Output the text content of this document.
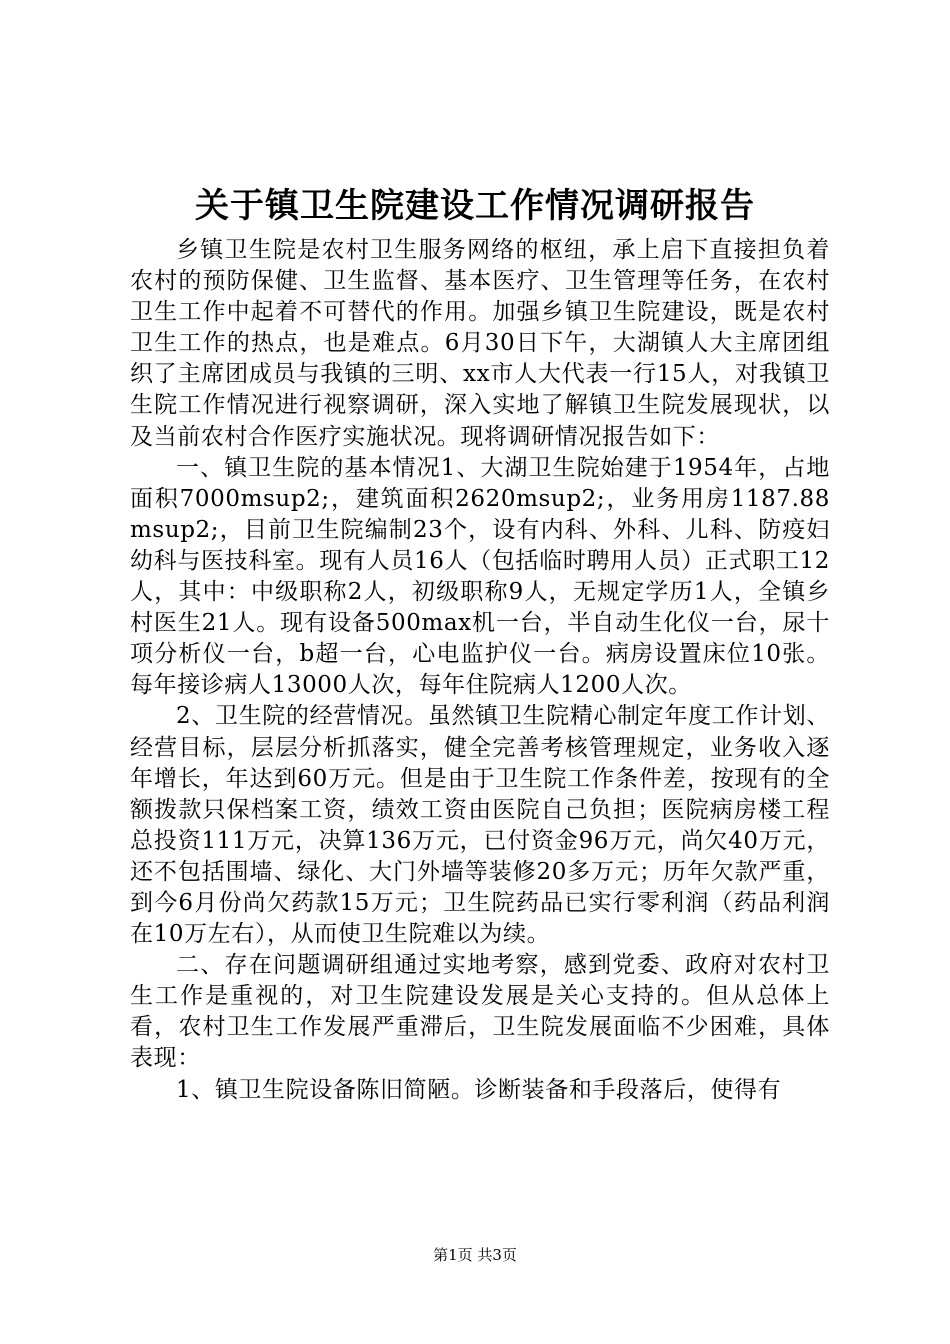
关于镇卫生院建设工作情况调研报告

乡镇卫生院是农村卫生服务网络的枢纽，承上启下直接担负着农村的预防保健、卫生监督、基本医疗、卫生管理等任务，在农村卫生工作中起着不可替代的作用。加强乡镇卫生院建设，既是农村卫生工作的热点，也是难点。6月30日下午，大湖镇人大主席团组织了主席团成员与我镇的三明、xx市人大代表一行15人，对我镇卫生院工作情况进行视察调研，深入实地了解镇卫生院发展现状，以及当前农村合作医疗实施状况。现将调研情况报告如下：

一、镇卫生院的基本情况1、大湖卫生院始建于1954年，占地面积7000msup2;，建筑面积2620msup2;，业务用房1187.88msup2;，目前卫生院编制23个，设有内科、外科、儿科、防疫妇幼科与医技科室。现有人员16人（包括临时聘用人员）正式职工12人，其中：中级职称2人，初级职称9人，无规定学历1人，全镇乡村医生21人。现有设备500max机一台，半自动生化仪一台，尿十项分析仪一台，b超一台，心电监护仪一台。病房设置床位10张。每年接诊病人13000人次，每年住院病人1200人次。

2、卫生院的经营情况。虽然镇卫生院精心制定年度工作计划、经营目标，层层分析抓落实，健全完善考核管理规定，业务收入逐年增长，年达到60万元。但是由于卫生院工作条件差，按现有的全额拨款只保档案工资，绩效工资由医院自己负担；医院病房楼工程总投资111万元，决算136万元，已付资金96万元，尚欠40万元，还不包括围墙、绿化、大门外墙等装修20多万元；历年欠款严重，到今6月份尚欠药款15万元；卫生院药品已实行零利润（药品利润在10万左右），从而使卫生院难以为续。

二、存在问题调研组通过实地考察，感到党委、政府对农村卫生工作是重视的，对卫生院建设发展是关心支持的。但从总体上看，农村卫生工作发展严重滞后，卫生院发展面临不少困难，具体表现：

1、镇卫生院设备陈旧简陋。诊断装备和手段落后，使得有

第1页 共3页
